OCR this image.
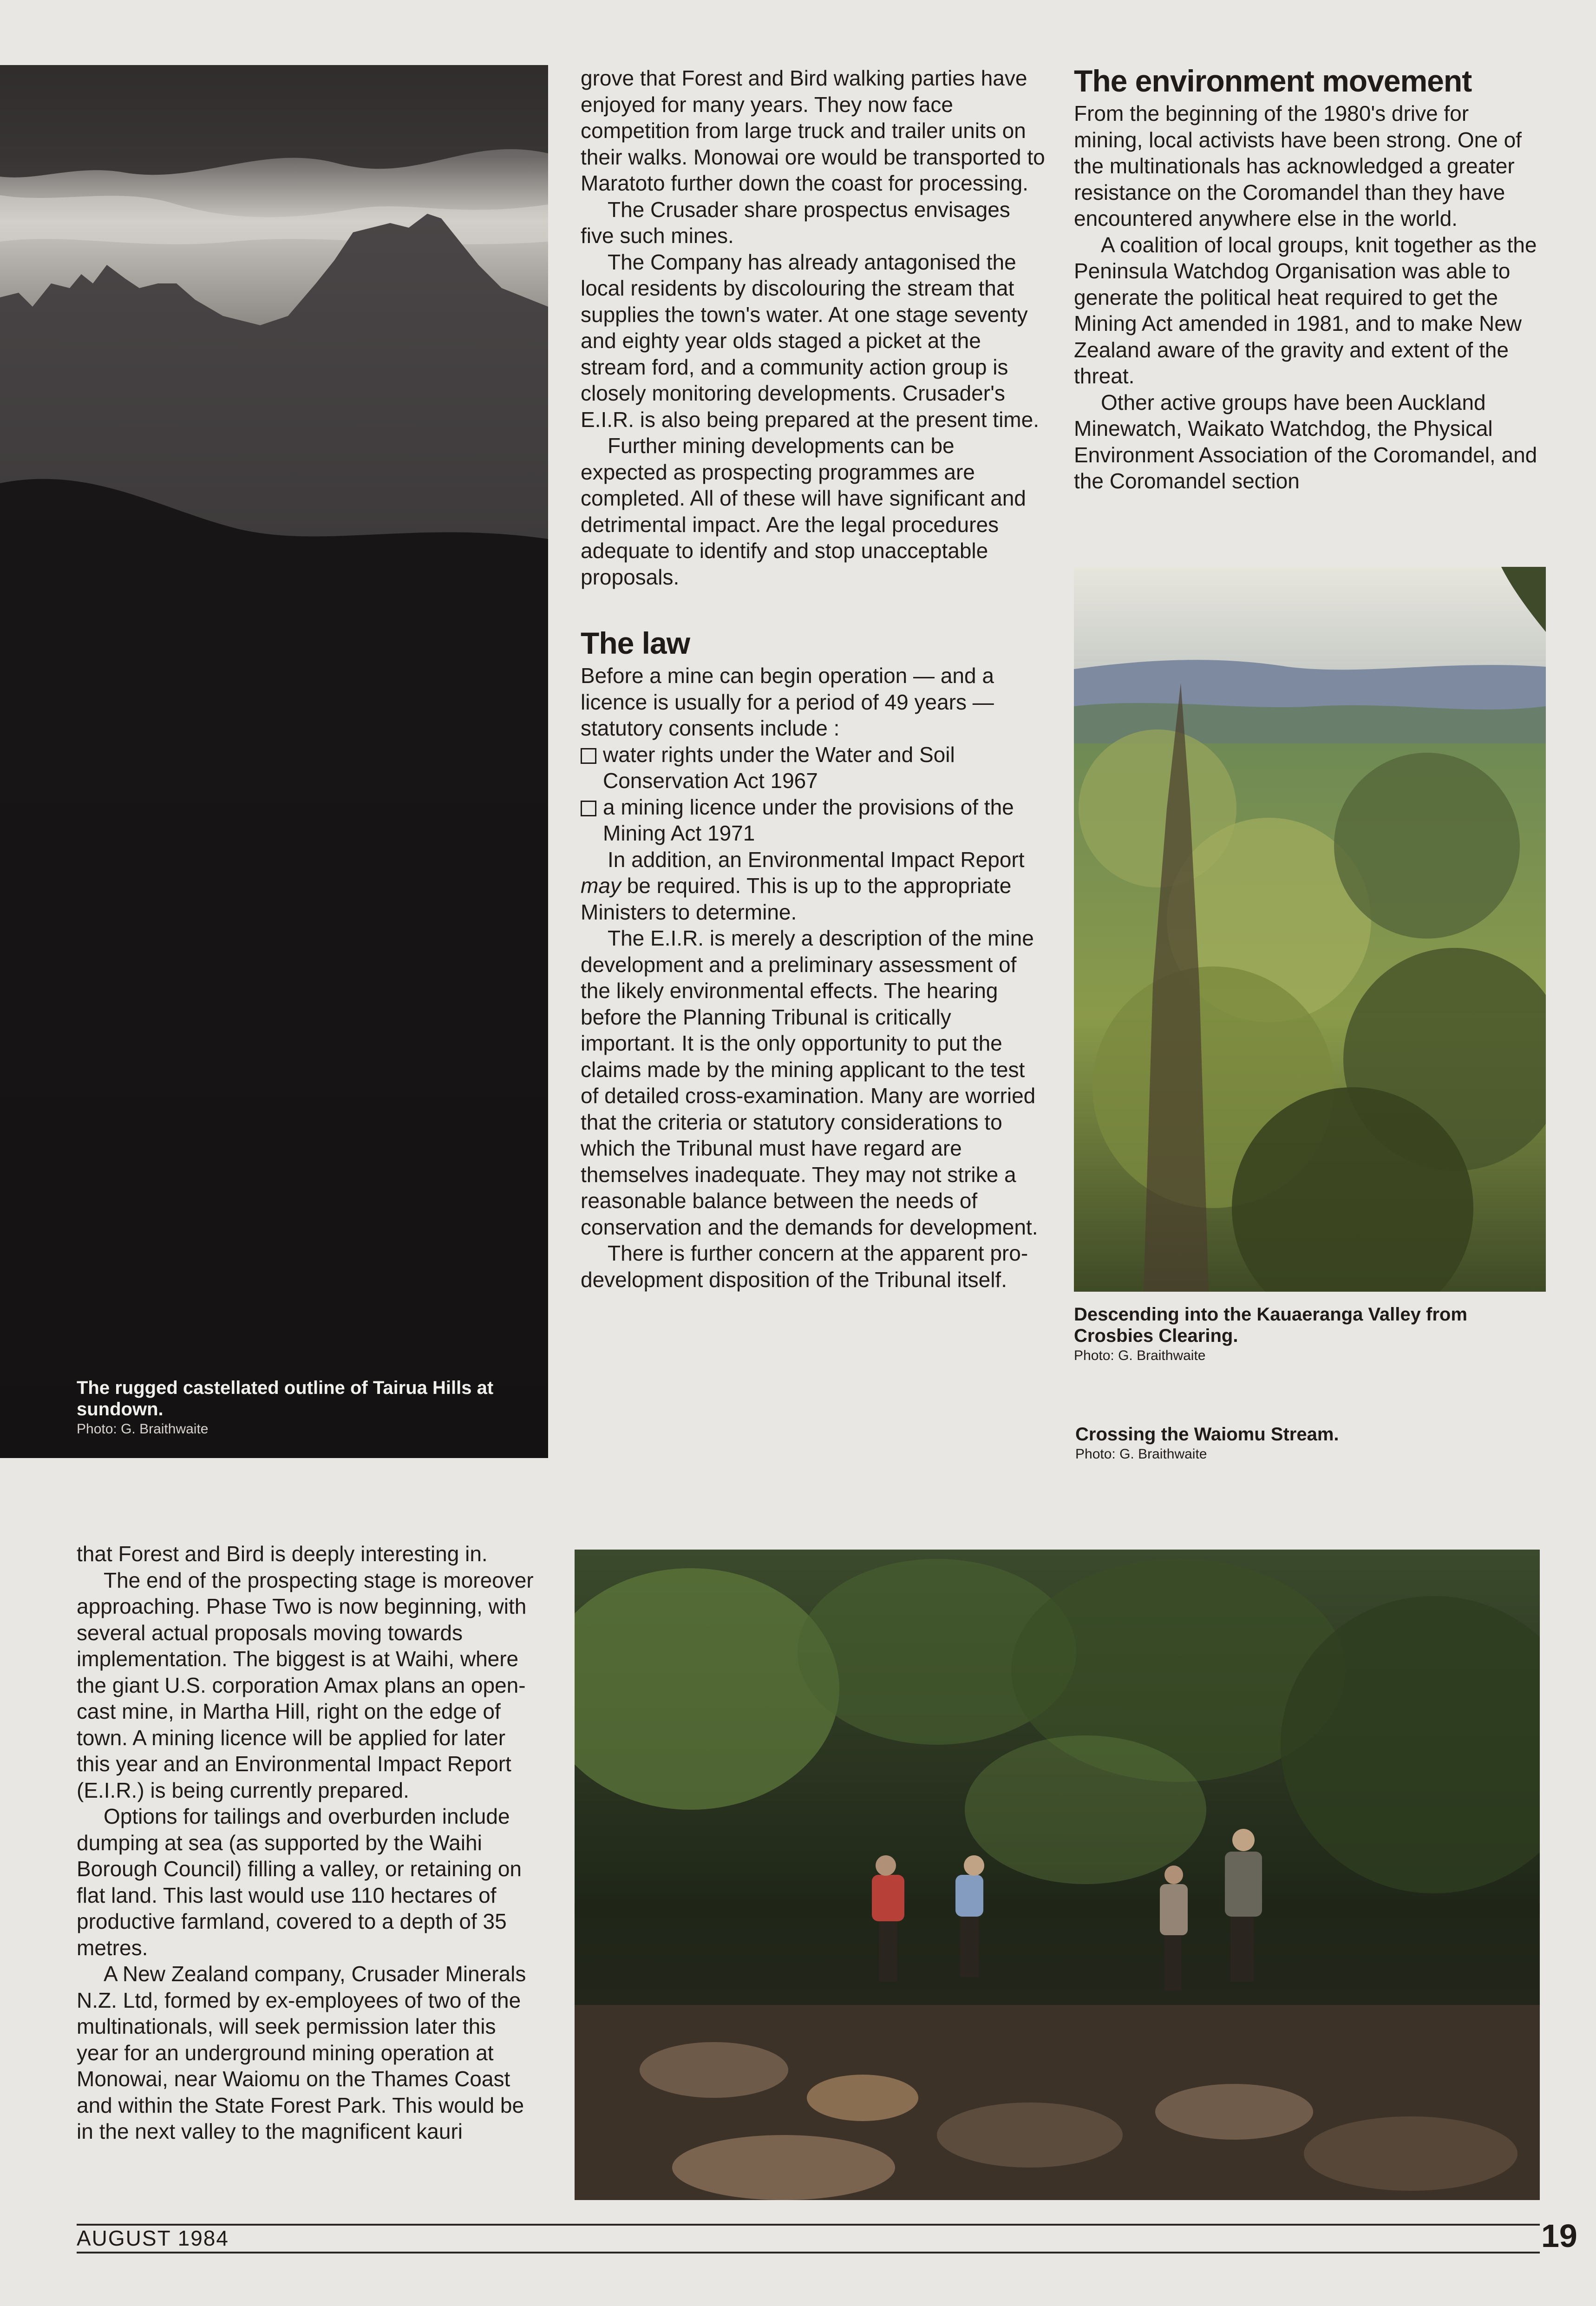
The rugged castellated outline of Tairua Hills at sundown.
Photo: G. Braithwaite

grove that Forest and Bird walking parties have enjoyed for many years. They now face competition from large truck and trailer units on their walks. Monowai ore would be transported to Maratoto further down the coast for processing.

The Crusader share prospectus envisages five such mines.

The Company has already antagonised the local residents by discolouring the stream that supplies the town's water. At one stage seventy and eighty year olds staged a picket at the stream ford, and a community action group is closely monitoring developments. Crusader's E.I.R. is also being prepared at the present time.

Further mining developments can be expected as prospecting programmes are completed. All of these will have significant and detrimental impact. Are the legal procedures adequate to identify and stop unacceptable proposals.

The law

Before a mine can begin operation — and a licence is usually for a period of 49 years — statutory consents include :

water rights under the Water and Soil Conservation Act 1967

a mining licence under the provisions of the Mining Act 1971

In addition, an Environmental Impact Report may be required. This is up to the appropriate Ministers to determine.

The E.I.R. is merely a description of the mine development and a preliminary assessment of the likely environmental effects. The hearing before the Planning Tribunal is critically important. It is the only opportunity to put the claims made by the mining applicant to the test of detailed cross-examination. Many are worried that the criteria or statutory considerations to which the Tribunal must have regard are themselves inadequate. They may not strike a reasonable balance between the needs of conservation and the demands for development.

There is further concern at the apparent pro-development disposition of the Tribunal itself.

The environment movement

From the beginning of the 1980's drive for mining, local activists have been strong. One of the multinationals has acknowledged a greater resistance on the Coromandel than they have encountered anywhere else in the world.

A coalition of local groups, knit together as the Peninsula Watchdog Organisation was able to generate the political heat required to get the Mining Act amended in 1981, and to make New Zealand aware of the gravity and extent of the threat.

Other active groups have been Auckland Minewatch, Waikato Watchdog, the Physical Environment Association of the Coromandel, and the Coromandel section

Descending into the Kauaeranga Valley from Crosbies Clearing.
Photo: G. Braithwaite
Crossing the Waiomu Stream.
Photo: G. Braithwaite

that Forest and Bird is deeply interesting in.

The end of the prospecting stage is moreover approaching. Phase Two is now beginning, with several actual proposals moving towards implementation. The biggest is at Waihi, where the giant U.S. corporation Amax plans an open-cast mine, in Martha Hill, right on the edge of town. A mining licence will be applied for later this year and an Environmental Impact Report (E.I.R.) is being currently prepared.

Options for tailings and overburden include dumping at sea (as supported by the Waihi Borough Council) filling a valley, or retaining on flat land. This last would use 110 hectares of productive farmland, covered to a depth of 35 metres.

A New Zealand company, Crusader Minerals N.Z. Ltd, formed by ex-employees of two of the multinationals, will seek permission later this year for an underground mining operation at Monowai, near Waiomu on the Thames Coast and within the State Forest Park. This would be in the next valley to the magnificent kauri

AUGUST 1984	19
